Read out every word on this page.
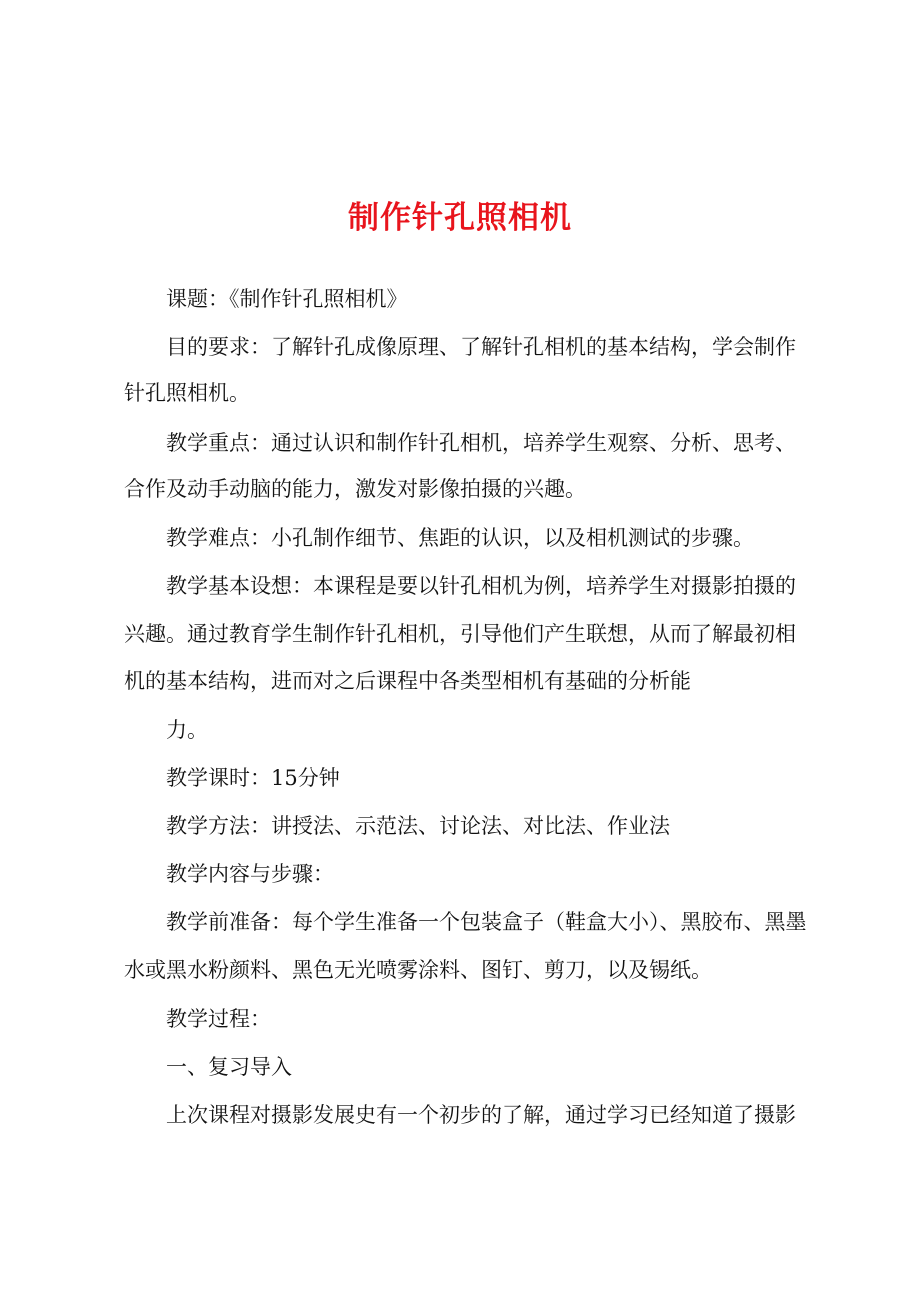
制作针孔照相机
课题：《制作针孔照相机》
目的要求：了解针孔成像原理、了解针孔相机的基本结构，学会制作
针孔照相机。
教学重点：通过认识和制作针孔相机，培养学生观察、分析、思考、
合作及动手动脑的能力，激发对影像拍摄的兴趣。
教学难点：小孔制作细节、焦距的认识，以及相机测试的步骤。
教学基本设想：本课程是要以针孔相机为例，培养学生对摄影拍摄的
兴趣。通过教育学生制作针孔相机，引导他们产生联想，从而了解最初相
机的基本结构，进而对之后课程中各类型相机有基础的分析能
力。
教学课时：15分钟
教学方法：讲授法、示范法、讨论法、对比法、作业法
教学内容与步骤：
教学前准备：每个学生准备一个包装盒子（鞋盒大小）、黑胶布、黑墨
水或黑水粉颜料、黑色无光喷雾涂料、图钉、剪刀，以及锡纸。
教学过程：
一、复习导入
上次课程对摄影发展史有一个初步的了解，通过学习已经知道了摄影
